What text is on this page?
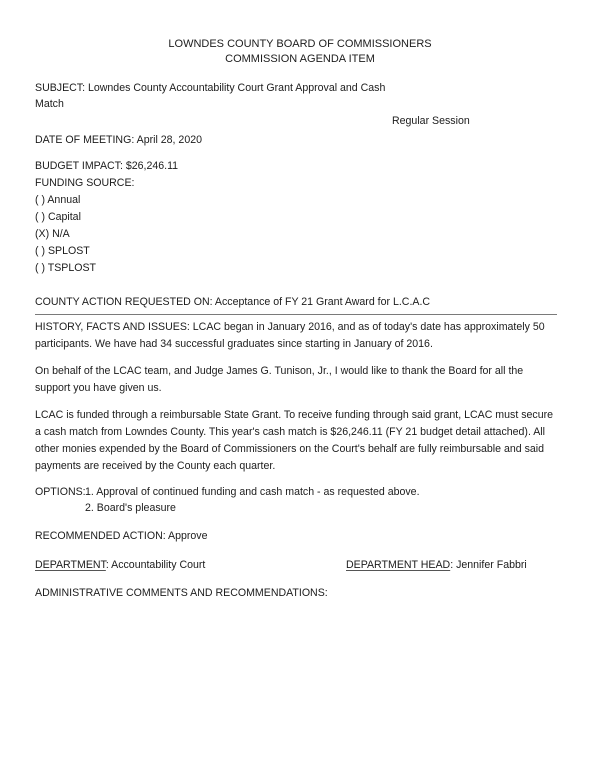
LOWNDES COUNTY BOARD OF COMMISSIONERS
COMMISSION AGENDA ITEM
SUBJECT: Lowndes County Accountability Court Grant Approval and Cash
Match
Regular Session
DATE OF MEETING: April 28, 2020
BUDGET IMPACT: $26,246.11
FUNDING SOURCE:
( ) Annual
( ) Capital
(X) N/A
( ) SPLOST
( ) TSPLOST
COUNTY ACTION REQUESTED ON: Acceptance of FY 21 Grant Award for L.C.A.C
HISTORY, FACTS AND ISSUES: LCAC began in January 2016, and as of today's date has approximately 50
participants. We have had 34 successful graduates since starting in January of 2016.
On behalf of the LCAC team, and Judge James G. Tunison, Jr., I would like to thank the Board for all the
support you have given us.
LCAC is funded through a reimbursable State Grant. To receive funding through said grant, LCAC must secure
a cash match from Lowndes County. This year's cash match is $26,246.11 (FY 21 budget detail attached). All
other monies expended by the Board of Commissioners on the Court's behalf are fully reimbursable and said
payments are received by the County each quarter.
OPTIONS: 1. Approval of continued funding and cash match - as requested above.
2. Board's pleasure
RECOMMENDED ACTION: Approve
DEPARTMENT: Accountability Court	DEPARTMENT HEAD: Jennifer Fabbri
ADMINISTRATIVE COMMENTS AND RECOMMENDATIONS:
